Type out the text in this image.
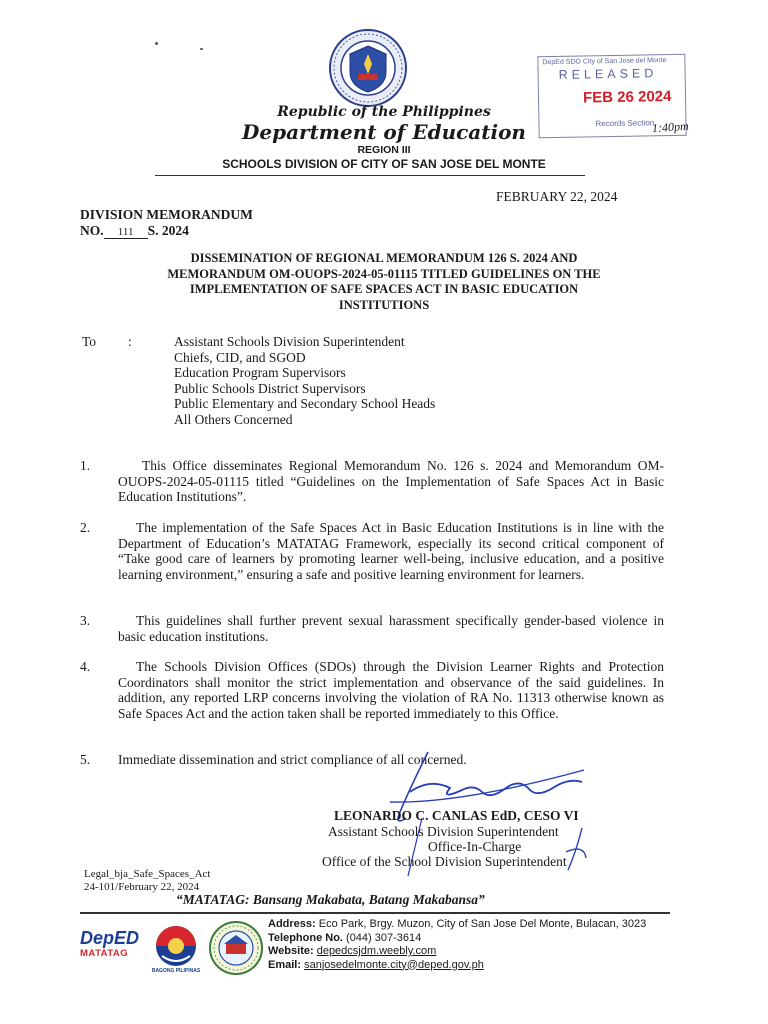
DepEd SDO City of San Jose del Monte
RELEASED
FEB 26 2024
Records Section
1:40pm
Republic of the Philippines
Department of Education
REGION III
SCHOOLS DIVISION OF CITY OF SAN JOSE DEL MONTE
FEBRUARY 22, 2024
DIVISION MEMORANDUM
NO. 111 S. 2024
DISSEMINATION OF REGIONAL MEMORANDUM 126 S. 2024 AND
MEMORANDUM OM-OUOPS-2024-05-01115 TITLED GUIDELINES ON THE
IMPLEMENTATION OF SAFE SPACES ACT IN BASIC EDUCATION
INSTITUTIONS
To :	Assistant Schools Division Superintendent
Chiefs, CID, and SGOD
Education Program Supervisors
Public Schools District Supervisors
Public Elementary and Secondary School Heads
All Others Concerned
1.	This Office disseminates Regional Memorandum No. 126 s. 2024 and Memorandum OM-OUOPS-2024-05-01115 titled “Guidelines on the Implementation of Safe Spaces Act in Basic Education Institutions”.
2.	The implementation of the Safe Spaces Act in Basic Education Institutions is in line with the Department of Education’s MATATAG Framework, especially its second critical component of “Take good care of learners by promoting learner well-being, inclusive education, and a positive learning environment,” ensuring a safe and positive learning environment for learners.
3.	This guidelines shall further prevent sexual harassment specifically gender-based violence in basic education institutions.
4.	The Schools Division Offices (SDOs) through the Division Learner Rights and Protection Coordinators shall monitor the strict implementation and observance of the said guidelines. In addition, any reported LRP concerns involving the violation of RA No. 11313 otherwise known as Safe Spaces Act and the action taken shall be reported immediately to this Office.
5. Immediate dissemination and strict compliance of all concerned.
LEONARDO C. CANLAS EdD, CESO VI
Assistant Schools Division Superintendent
Office-In-Charge
Office of the School Division Superintendent
Legal_bja_Safe_Spaces_Act
24-101/February 22, 2024
“MATATAG: Bansang Makabata, Batang Makabansa”
DepED
MATATAG
BAGONG PILIPINAS
Address: Eco Park, Brgy. Muzon, City of San Jose Del Monte, Bulacan, 3023
Telephone No. (044) 307-3614
Website: depedcsjdm.weebly.com
Email: sanjosedelmonte.city@deped.gov.ph
